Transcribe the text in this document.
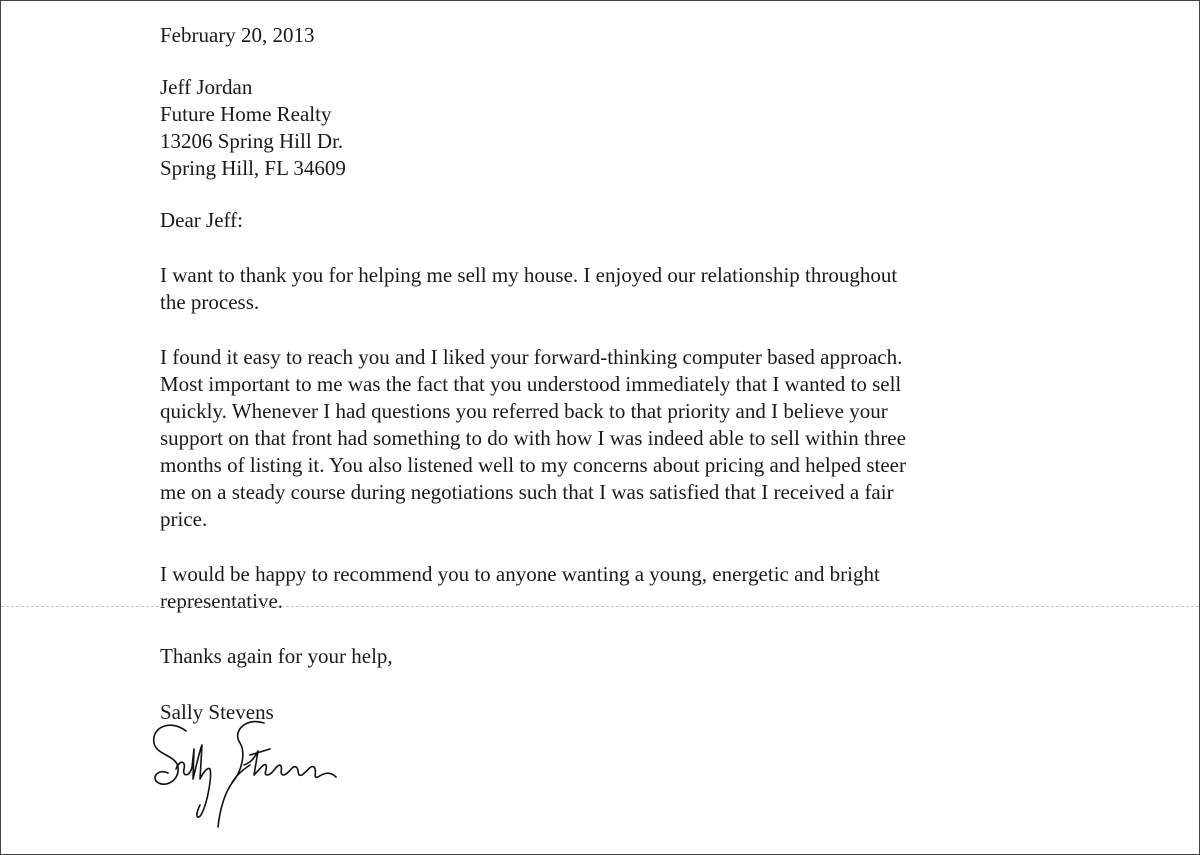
February 20, 2013
Jeff Jordan
Future Home Realty
13206 Spring Hill Dr.
Spring Hill, FL 34609
Dear Jeff:
I want to thank you for helping me sell my house. I enjoyed our relationship throughout
the process.
I found it easy to reach you and I liked your forward-thinking computer based approach.
Most important to me was the fact that you understood immediately that I wanted to sell
quickly. Whenever I had questions you referred back to that priority and I believe your
support on that front had something to do with how I was indeed able to sell within three
months of listing it. You also listened well to my concerns about pricing and helped steer
me on a steady course during negotiations such that I was satisfied that I received a fair
price.
I would be happy to recommend you to anyone wanting a young, energetic and bright
representative.
Thanks again for your help,
Sally Stevens
